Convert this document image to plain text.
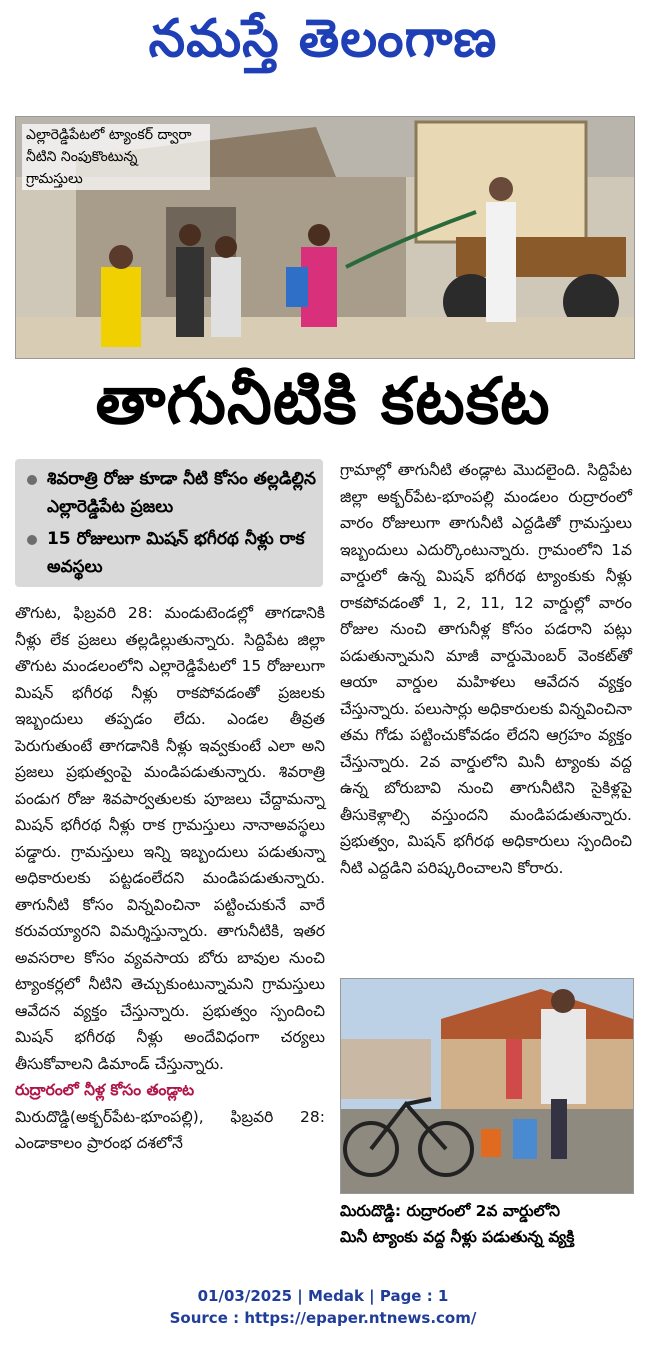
నమస్తే తెలంగాణ
ఎల్లారెడ్డిపేటలో ట్యాంకర్‌ ద్వారా
నీటిని నింపుకొంటున్న
గ్రామస్తులు
తాగునీటికి కటకట
శివరాత్రి రోజు కూడా నీటి కోసం తల్లడిల్లిన ఎల్లారెడ్డిపేట ప్రజలు
15 రోజులుగా మిషన్‌ భగీరథ నీళ్లు రాక అవస్థలు

తొగుట, ఫిబ్రవరి 28: మండుటెండల్లో తాగడానికి నీళ్లు లేక ప్రజలు తల్లడిల్లుతున్నారు. సిద్దిపేట జిల్లా తొగుట మండలంలోని ఎల్లారెడ్డిపేటలో 15 రోజులుగా మిషన్‌ భగీరథ నీళ్లు రాకపోవడంతో ప్రజలకు ఇబ్బందులు తప్పడం లేదు. ఎండల తీవ్రత పెరుగుతుంటే తాగడానికి నీళ్లు ఇవ్వకుంటే ఎలా అని ప్రజలు ప్రభుత్వంపై మండిపడుతున్నారు. శివరాత్రి పండుగ రోజు శివపార్వతులకు పూజలు చేద్దామన్నా మిషన్‌ భగీరథ నీళ్లు రాక గ్రామస్తులు నానాఅవస్థలు పడ్డారు. గ్రామస్తులు ఇన్ని ఇబ్బందులు పడుతున్నా అధికారులకు పట్టడంలేదని మండిపడుతున్నారు. తాగునీటి కోసం విన్నవించినా పట్టించుకునే వారే కరువయ్యారని విమర్శిస్తున్నారు. తాగునీటికి, ఇతర అవసరాల కోసం వ్యవసాయ బోరు బావుల నుంచి ట్యాంకర్లలో నీటిని తెచ్చుకుంటున్నామని గ్రామస్తులు ఆవేదన వ్యక్తం చేస్తున్నారు. ప్రభుత్వం స్పందించి మిషన్‌ భగీరథ నీళ్లు అందేవిధంగా చర్యలు తీసుకోవాలని డిమాండ్‌ చేస్తున్నారు.

రుద్రారంలో నీళ్ల కోసం తండ్లాట

మిరుదొడ్డి(అక్బర్‌పేట-భూంపల్లి), ఫిబ్రవరి 28: ఎండాకాలం ప్రారంభ దశలోనే

గ్రామాల్లో తాగునీటి తండ్లాట మొదలైంది. సిద్దిపేట జిల్లా అక్బర్‌పేట-భూంపల్లి మండలం రుద్రారంలో వారం రోజులుగా తాగునీటి ఎద్దడితో గ్రామస్తులు ఇబ్బందులు ఎదుర్కొంటున్నారు. గ్రామంలోని 1వ వార్డులో ఉన్న మిషన్‌ భగీరథ ట్యాంకుకు నీళ్లు రాకపోవడంతో 1, 2, 11, 12 వార్డుల్లో వారం రోజుల నుంచి తాగునీళ్ల కోసం పడరాని పట్లు పడుతున్నామని మాజీ వార్డుమెంబర్‌ వెంకట్‌తో ఆయా వార్డుల మహిళలు ఆవేదన వ్యక్తం చేస్తున్నారు. పలుసార్లు అధికారులకు విన్నవించినా తమ గోడు పట్టించుకోవడం లేదని ఆగ్రహం వ్యక్తం చేస్తున్నారు. 2వ వార్డులోని మినీ ట్యాంకు వద్ద ఉన్న బోరుబావి నుంచి తాగునీటిని సైకిళ్లపై తీసుకెళ్లాల్సి వస్తుందని మండిపడుతున్నారు. ప్రభుత్వం, మిషన్‌ భగీరథ అధికారులు స్పందించి నీటి ఎద్దడిని పరిష్కరించాలని కోరారు.

మిరుదొడ్డి: రుద్రారంలో 2వ వార్డులోని
మినీ ట్యాంకు వద్ద నీళ్లు పడుతున్న వ్యక్తి
01/03/2025 | Medak | Page : 1
Source : https://epaper.ntnews.com/
